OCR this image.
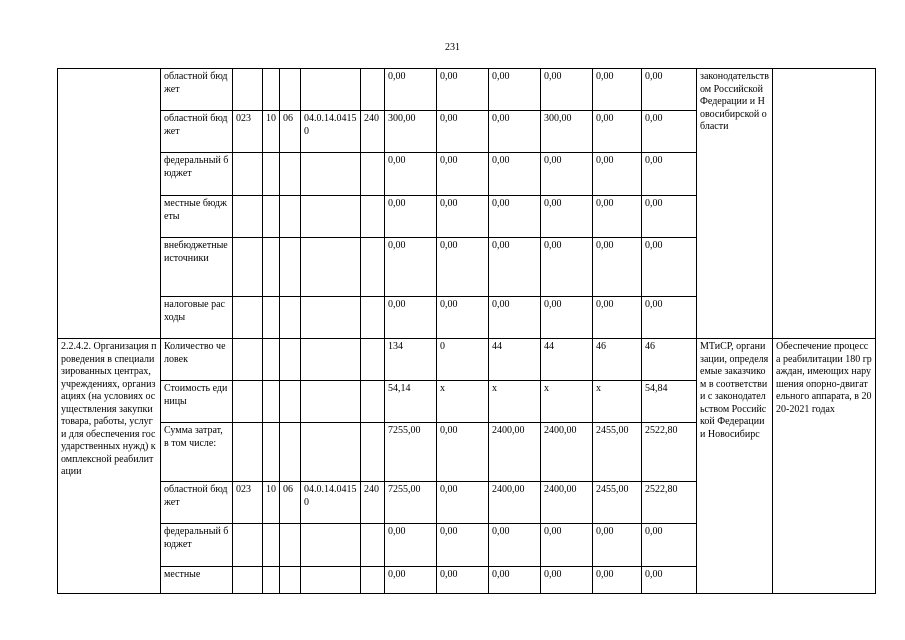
231
	областной бюджет						0,00	0,00	0,00	0,00	0,00	0,00	законодательством Российской Федерации и Новосибирской области	
	областной бюджет	023	10	06	04.0.14.04150	240	300,00	0,00	0,00	300,00	0,00	0,00		
	федеральный бюджет						0,00	0,00	0,00	0,00	0,00	0,00		
	местные бюджеты						0,00	0,00	0,00	0,00	0,00	0,00		
	внебюджетные источники						0,00	0,00	0,00	0,00	0,00	0,00		
	налоговые расходы						0,00	0,00	0,00	0,00	0,00	0,00		
2.2.4.2. Организация проведения в специализированных центрах, учреждениях, организациях (на условиях осуществления закупки товара, работы, услуги для обеспечения государственных нужд) комплексной реабилитации	Количество человек						134	0	44	44	46	46	МТиСР, организации, определяемые заказчиком в соответствии с законодательством Российской Федерации и Новосибирс	Обеспечение процесса реабилитации 180 граждан, имеющих нарушения опорно-двигательного аппарата, в 2020-2021 годах
	Стоимость единицы						54,14	x	x	x	x	54,84		
	Сумма затрат, в том числе:						7255,00	0,00	2400,00	2400,00	2455,00	2522,80		
	областной бюджет	023	10	06	04.0.14.04150	240	7255,00	0,00	2400,00	2400,00	2455,00	2522,80		
	федеральный бюджет						0,00	0,00	0,00	0,00	0,00	0,00		
	местные						0,00	0,00	0,00	0,00	0,00	0,00		
